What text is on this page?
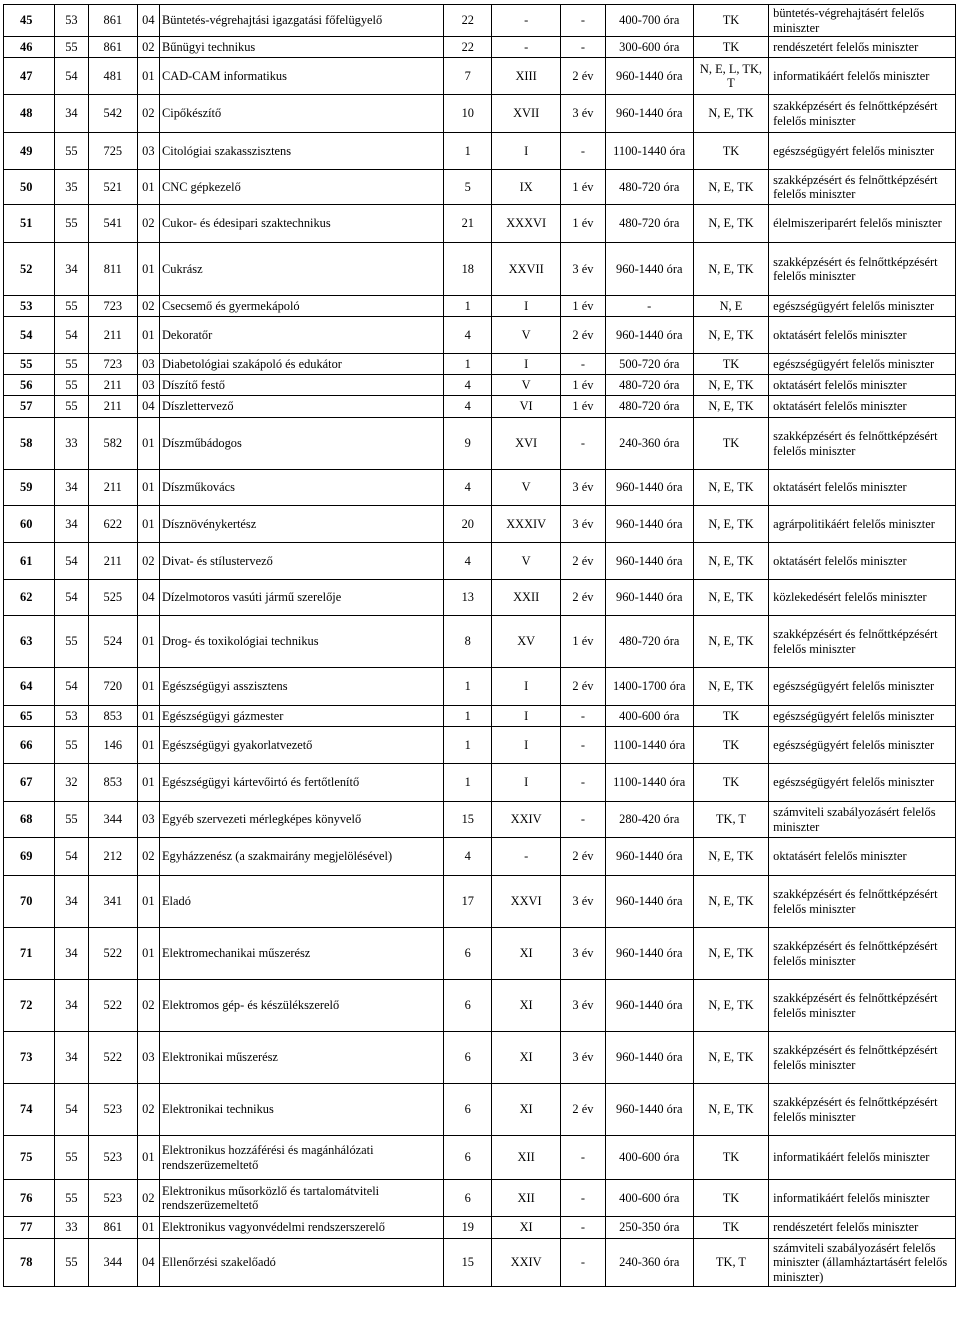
45	53	861	04	Büntetés-végrehajtási igazgatási főfelügyelő	22	-	-	400-700 óra	TK	büntetés-végrehajtásért felelős miniszter
46	55	861	02	Bűnügyi technikus	22	-	-	300-600 óra	TK	rendészetért felelős miniszter
47	54	481	01	CAD-CAM informatikus	7	XIII	2 év	960-1440 óra	N, E, L, TK, T	informatikáért felelős miniszter
48	34	542	02	Cipőkészítő	10	XVII	3 év	960-1440 óra	N, E, TK	szakképzésért és felnőttképzésért felelős miniszter
49	55	725	03	Citológiai szakasszisztens	1	I	-	1100-1440 óra	TK	egészségügyért felelős miniszter
50	35	521	01	CNC gépkezelő	5	IX	1 év	480-720 óra	N, E, TK	szakképzésért és felnőttképzésért felelős miniszter
51	55	541	02	Cukor- és édesipari szaktechnikus	21	XXXVI	1 év	480-720 óra	N, E, TK	élelmiszeriparért felelős miniszter
52	34	811	01	Cukrász	18	XXVII	3 év	960-1440 óra	N, E, TK	szakképzésért és felnőttképzésért felelős miniszter
53	55	723	02	Csecsemő és gyermekápoló	1	I	1 év	-	N, E	egészségügyért felelős miniszter
54	54	211	01	Dekoratőr	4	V	2 év	960-1440 óra	N, E, TK	oktatásért felelős miniszter
55	55	723	03	Diabetológiai szakápoló és edukátor	1	I	-	500-720 óra	TK	egészségügyért felelős miniszter
56	55	211	03	Díszítő festő	4	V	1 év	480-720 óra	N, E, TK	oktatásért felelős miniszter
57	55	211	04	Díszlettervező	4	VI	1 év	480-720 óra	N, E, TK	oktatásért felelős miniszter
58	33	582	01	Díszműbádogos	9	XVI	-	240-360 óra	TK	szakképzésért és felnőttképzésért felelős miniszter
59	34	211	01	Díszműkovács	4	V	3 év	960-1440 óra	N, E, TK	oktatásért felelős miniszter
60	34	622	01	Dísznövénykertész	20	XXXIV	3 év	960-1440 óra	N, E, TK	agrárpolitikáért felelős miniszter
61	54	211	02	Divat- és stílustervező	4	V	2 év	960-1440 óra	N, E, TK	oktatásért felelős miniszter
62	54	525	04	Dízelmotoros vasúti jármű szerelője	13	XXII	2 év	960-1440 óra	N, E, TK	közlekedésért felelős miniszter
63	55	524	01	Drog- és toxikológiai technikus	8	XV	1 év	480-720 óra	N, E, TK	szakképzésért és felnőttképzésért felelős miniszter
64	54	720	01	Egészségügyi asszisztens	1	I	2 év	1400-1700 óra	N, E, TK	egészségügyért felelős miniszter
65	53	853	01	Egészségügyi gázmester	1	I	-	400-600 óra	TK	egészségügyért felelős miniszter
66	55	146	01	Egészségügyi gyakorlatvezető	1	I	-	1100-1440 óra	TK	egészségügyért felelős miniszter
67	32	853	01	Egészségügyi kártevőirtó és fertőtlenítő	1	I	-	1100-1440 óra	TK	egészségügyért felelős miniszter
68	55	344	03	Egyéb szervezeti mérlegképes könyvelő	15	XXIV	-	280-420 óra	TK, T	számviteli szabályozásért felelős miniszter
69	54	212	02	Egyházzenész (a szakmairány megjelölésével)	4	-	2 év	960-1440 óra	N, E, TK	oktatásért felelős miniszter
70	34	341	01	Eladó	17	XXVI	3 év	960-1440 óra	N, E, TK	szakképzésért és felnőttképzésért felelős miniszter
71	34	522	01	Elektromechanikai műszerész	6	XI	3 év	960-1440 óra	N, E, TK	szakképzésért és felnőttképzésért felelős miniszter
72	34	522	02	Elektromos gép- és készülékszerelő	6	XI	3 év	960-1440 óra	N, E, TK	szakképzésért és felnőttképzésért felelős miniszter
73	34	522	03	Elektronikai műszerész	6	XI	3 év	960-1440 óra	N, E, TK	szakképzésért és felnőttképzésért felelős miniszter
74	54	523	02	Elektronikai technikus	6	XI	2 év	960-1440 óra	N, E, TK	szakképzésért és felnőttképzésért felelős miniszter
75	55	523	01	Elektronikus hozzáférési és magánhálózati rendszerüzemeltető	6	XII	-	400-600 óra	TK	informatikáért felelős miniszter
76	55	523	02	Elektronikus műsorközlő és tartalomátviteli rendszerüzemeltető	6	XII	-	400-600 óra	TK	informatikáért felelős miniszter
77	33	861	01	Elektronikus vagyonvédelmi rendszerszerelő	19	XI	-	250-350 óra	TK	rendészetért felelős miniszter
78	55	344	04	Ellenőrzési szakelőadó	15	XXIV	-	240-360 óra	TK, T	számviteli szabályozásért felelős miniszter (államháztartásért felelős miniszter)
